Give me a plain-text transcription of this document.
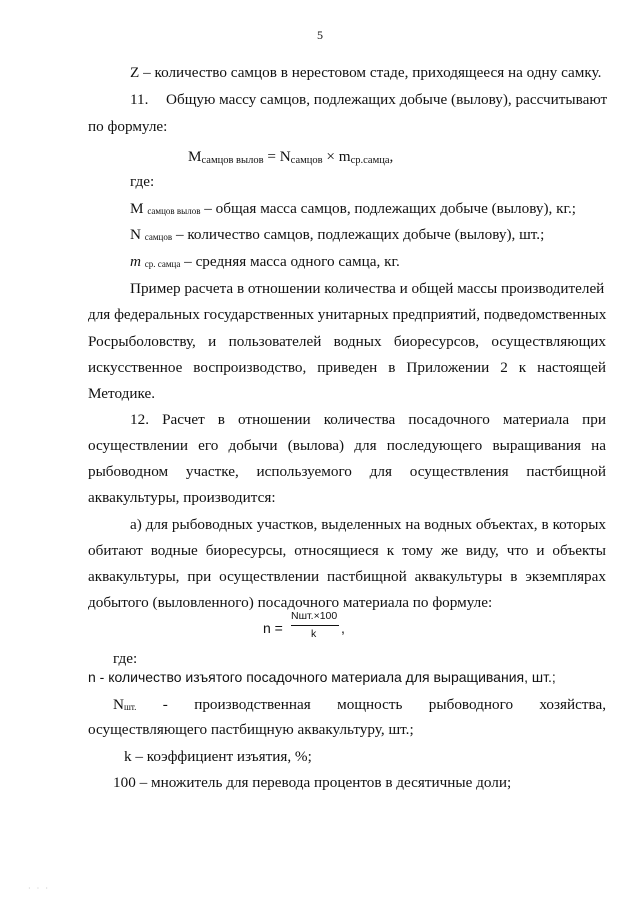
5
Z – количество самцов в нерестовом стаде, приходящееся на одну самку.
11. Общую массу самцов, подлежащих добыче (вылову), рассчитывают
по формуле:
Мсамцов вылов = Nсамцов × mср.самца,
где:
М самцов вылов – общая масса самцов, подлежащих добыче (вылову), кг.;
N самцов – количество самцов, подлежащих добыче (вылову), шт.;
m ср. самца – средняя масса одного самца, кг.
Пример расчета в отношении количества и общей массы производителей
для федеральных государственных унитарных предприятий, подведомственных
Росрыболовству, и пользователей водных биоресурсов, осуществляющих
искусственное воспроизводство, приведен в Приложении 2 к настоящей
Методике.
12. Расчет в отношении количества посадочного материала при
осуществлении его добычи (вылова) для последующего выращивания на
рыбоводном участке, используемого для осуществления пастбищной
аквакультуры, производится:
а) для рыбоводных участков, выделенных на водных объектах, в которых
обитают водные биоресурсы, относящиеся к тому же виду, что и объекты
аквакультуры, при осуществлении пастбищной аквакультуры в экземплярах
добытого (выловленного) посадочного материала по формуле:
n =
Nшт.×100
k ,
где:
n - количество изъятого посадочного материала для выращивания, шт.;
Nшт. - производственная мощность рыбоводного хозяйства,
осуществляющего пастбищную аквакультуру, шт.;
k – коэффициент изъятия, %;
100 – множитель для перевода процентов в десятичные доли;
· · ·
